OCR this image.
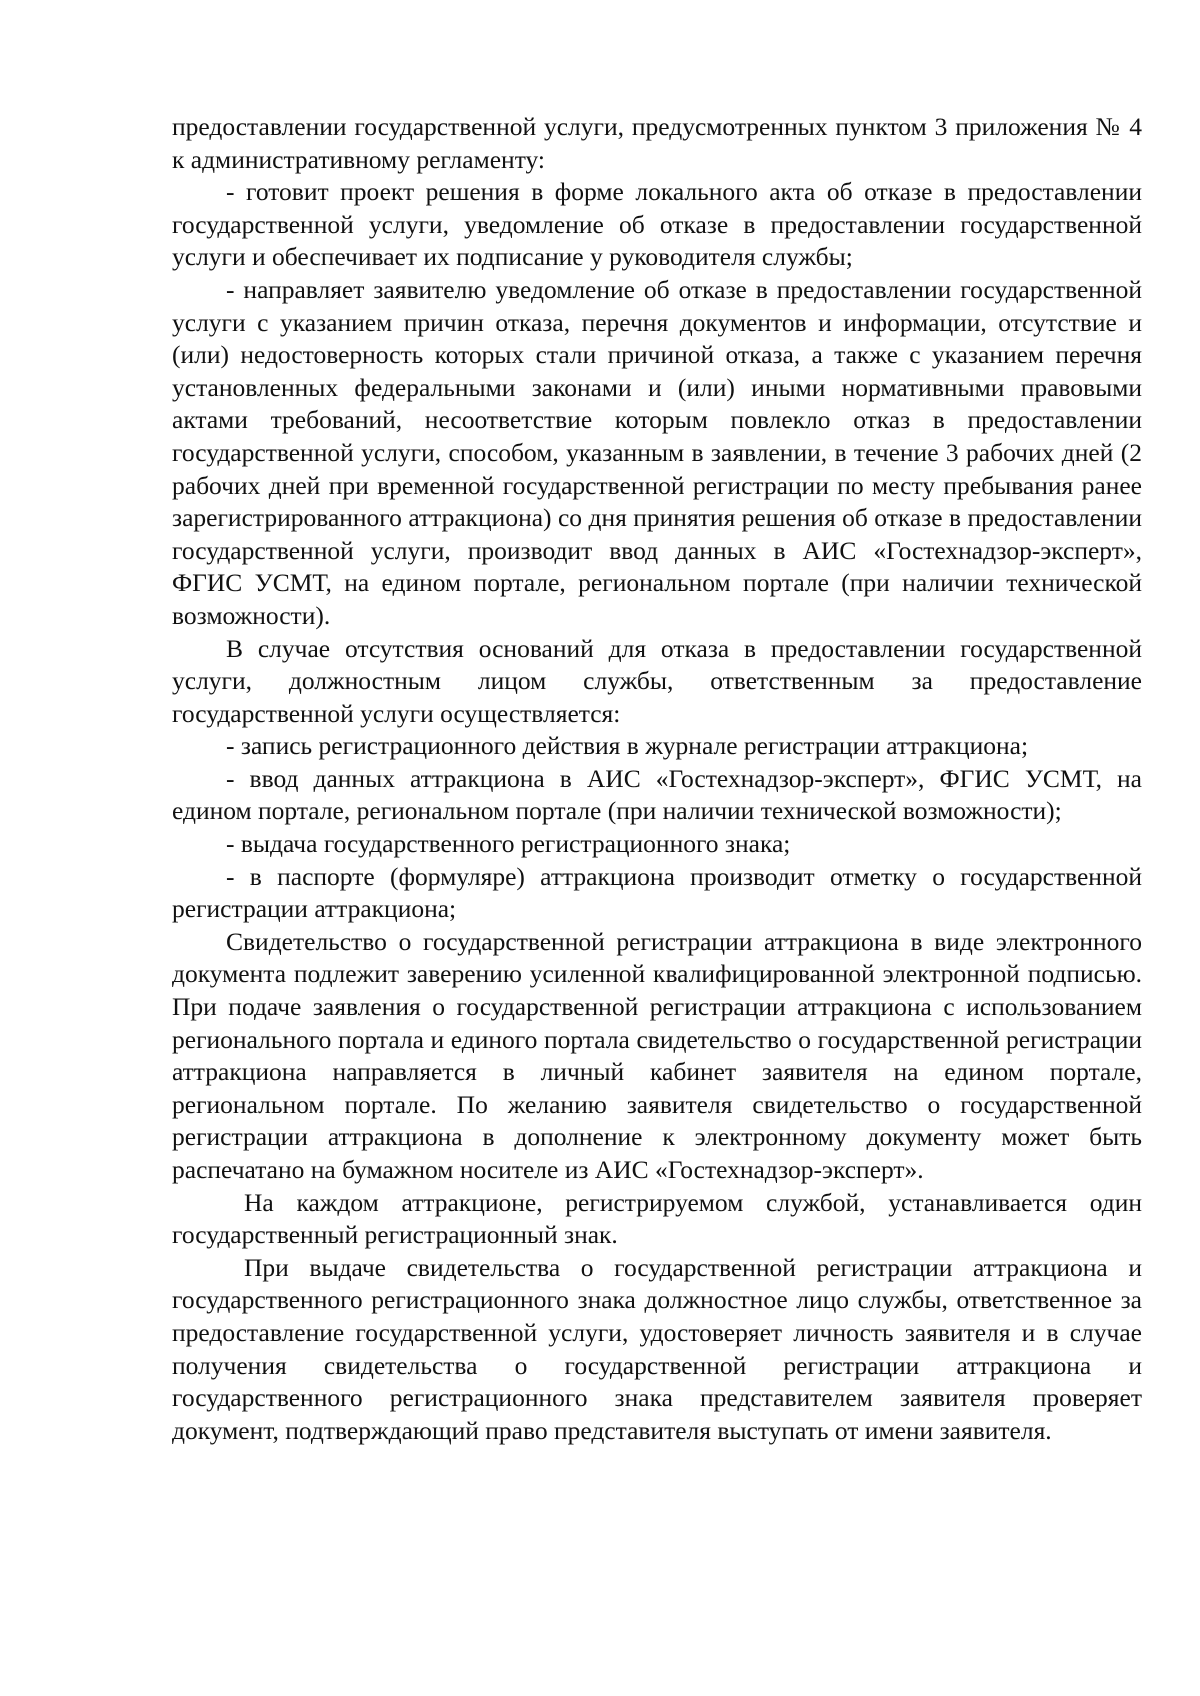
предоставлении государственной услуги, предусмотренных пунктом 3 приложения № 4 к административному регламенту:

- готовит проект решения в форме локального акта об отказе в предоставлении государственной услуги, уведомление об отказе в предоставлении государственной услуги и обеспечивает их подписание у руководителя службы;

- направляет заявителю уведомление об отказе в предоставлении государственной услуги с указанием причин отказа, перечня документов и информации, отсутствие и (или) недостоверность которых стали причиной отказа, а также с указанием перечня установленных федеральными законами и (или) иными нормативными правовыми актами требований, несоответствие которым повлекло отказ в предоставлении государственной услуги, способом, указанным в заявлении, в течение 3 рабочих дней (2 рабочих дней при временной государственной регистрации по месту пребывания ранее зарегистрированного аттракциона) со дня принятия решения об отказе в предоставлении государственной услуги, производит ввод данных в АИС «Гостехнадзор-эксперт», ФГИС УСМТ, на едином портале, региональном портале (при наличии технической возможности).

В случае отсутствия оснований для отказа в предоставлении государственной услуги, должностным лицом службы, ответственным за предоставление государственной услуги осуществляется:

- запись регистрационного действия в журнале регистрации аттракциона;

- ввод данных аттракциона в АИС «Гостехнадзор-эксперт», ФГИС УСМТ, на едином портале, региональном портале (при наличии технической возможности);

- выдача государственного регистрационного знака;

- в паспорте (формуляре) аттракциона производит отметку о государственной регистрации аттракциона;

Свидетельство о государственной регистрации аттракциона в виде электронного документа подлежит заверению усиленной квалифицированной электронной подписью. При подаче заявления о государственной регистрации аттракциона с использованием регионального портала и единого портала свидетельство о государственной регистрации аттракциона направляется в личный кабинет заявителя на едином портале, региональном портале. По желанию заявителя свидетельство о государственной регистрации аттракциона в дополнение к электронному документу может быть распечатано на бумажном носителе из АИС «Гостехнадзор-эксперт».

На каждом аттракционе, регистрируемом службой, устанавливается один государственный регистрационный знак.

При выдаче свидетельства о государственной регистрации аттракциона и государственного регистрационного знака должностное лицо службы, ответственное за предоставление государственной услуги, удостоверяет личность заявителя и в случае получения свидетельства о государственной регистрации аттракциона и государственного регистрационного знака представителем заявителя проверяет документ, подтверждающий право представителя выступать от имени заявителя.
